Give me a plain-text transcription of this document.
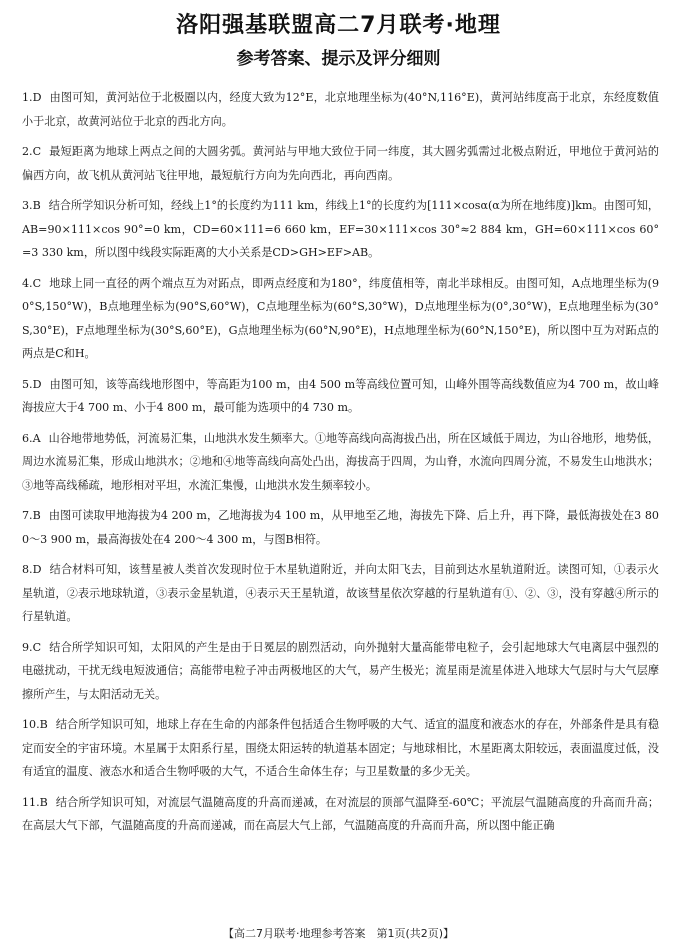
洛阳强基联盟高二7月联考·地理
参考答案、提示及评分细则
1.D 由图可知，黄河站位于北极圈以内，经度大致为12°E，北京地理坐标为(40°N,116°E)，黄河站纬度高于北京，东经度数值小于北京，故黄河站位于北京的西北方向。
2.C 最短距离为地球上两点之间的大圆劣弧。黄河站与甲地大致位于同一纬度，其大圆劣弧需过北极点附近，甲地位于黄河站的偏西方向，故飞机从黄河站飞往甲地，最短航行方向为先向西北，再向西南。
3.B 结合所学知识分析可知，经线上1°的长度约为111 km，纬线上1°的长度约为[111×cosα(α为所在地纬度)]km。由图可知，AB=90×111×cos 90°=0 km，CD=60×111=6 660 km，EF=30×111×cos 30°≈2 884 km，GH=60×111×cos 60°=3 330 km，所以图中线段实际距离的大小关系是CD>GH>EF>AB。
4.C 地球上同一直径的两个端点互为对跖点，即两点经度和为180°，纬度值相等，南北半球相反。由图可知，A点地理坐标为(90°S,150°W)，B点地理坐标为(90°S,60°W)，C点地理坐标为(60°S,30°W)，D点地理坐标为(0°,30°W)，E点地理坐标为(30°S,30°E)，F点地理坐标为(30°S,60°E)，G点地理坐标为(60°N,90°E)，H点地理坐标为(60°N,150°E)，所以图中互为对跖点的两点是C和H。
5.D 由图可知，该等高线地形图中，等高距为100 m，由4 500 m等高线位置可知，山峰外围等高线数值应为4 700 m，故山峰海拔应大于4 700 m、小于4 800 m，最可能为选项中的4 730 m。
6.A 山谷地带地势低，河流易汇集，山地洪水发生频率大。①地等高线向高海拔凸出，所在区域低于周边，为山谷地形，地势低，周边水流易汇集，形成山地洪水；②地和④地等高线向高处凸出，海拔高于四周，为山脊，水流向四周分流，不易发生山地洪水；③地等高线稀疏，地形相对平坦，水流汇集慢，山地洪水发生频率较小。
7.B 由图可读取甲地海拔为4 200 m，乙地海拔为4 100 m，从甲地至乙地，海拔先下降、后上升，再下降，最低海拔处在3 800～3 900 m，最高海拔处在4 200～4 300 m，与图B相符。
8.D 结合材料可知，该彗星被人类首次发现时位于木星轨道附近，并向太阳飞去，目前到达水星轨道附近。读图可知，①表示火星轨道，②表示地球轨道，③表示金星轨道，④表示天王星轨道，故该彗星依次穿越的行星轨道有①、②、③，没有穿越④所示的行星轨道。
9.C 结合所学知识可知，太阳风的产生是由于日冕层的剧烈活动，向外抛射大量高能带电粒子，会引起地球大气电离层中强烈的电磁扰动，干扰无线电短波通信；高能带电粒子冲击两极地区的大气，易产生极光；流星雨是流星体进入地球大气层时与大气层摩擦所产生，与太阳活动无关。
10.B 结合所学知识可知，地球上存在生命的内部条件包括适合生物呼吸的大气、适宜的温度和液态水的存在，外部条件是具有稳定而安全的宇宙环境。木星属于太阳系行星，围绕太阳运转的轨道基本固定；与地球相比，木星距离太阳较远，表面温度过低，没有适宜的温度、液态水和适合生物呼吸的大气，不适合生命体生存；与卫星数量的多少无关。
11.B 结合所学知识可知，对流层气温随高度的升高而递减，在对流层的顶部气温降至-60℃；平流层气温随高度的升高而升高；在高层大气下部，气温随高度的升高而递减，而在高层大气上部，气温随高度的升高而升高，所以图中能正确
【高二7月联考·地理参考答案　第1页(共2页)】
